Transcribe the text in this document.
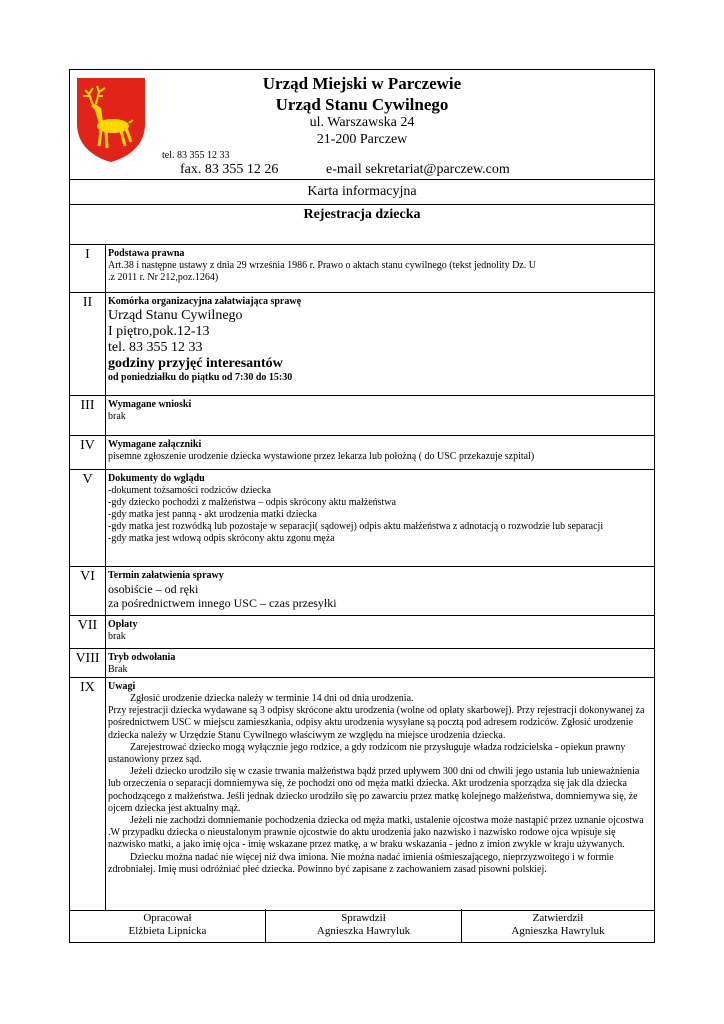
Urząd Miejski w Parczewie
Urząd Stanu Cywilnego
ul. Warszawska 24
21-200 Parczew
tel. 83 355 12 33
fax. 83 355 12 26	e-mail sekretariat@parczew.com
Karta informacyjna
Rejestracja dziecka
I	Podstawa prawna
Art.38 i następne ustawy z dnia 29 września 1986 r. Prawo o aktach stanu cywilnego (tekst jednolity Dz. U
.z 2011 r. Nr 212,poz.1264)
II	Komórka organizacyjna załatwiająca sprawę
Urząd Stanu Cywilnego
I piętro,pok.12-13
tel. 83 355 12 33
godziny przyjęć interesantów
od poniedziałku do piątku od 7:30 do 15:30
III	Wymagane wnioski
brak
IV	Wymagane załączniki
pisemne zgłoszenie urodzenie dziecka wystawione przez lekarza lub położną ( do USC przekazuje szpital)
V	Dokumenty do wglądu
-dokument tożsamości rodziców dziecka
-gdy dziecko pochodzi z małżeństwa – odpis skrócony aktu małżeństwa
-gdy matka jest panną - akt urodzenia matki dziecka
-gdy matka jest rozwódką lub pozostaje w separacji( sądowej) odpis aktu małżeństwa z adnotacją o rozwodzie lub separacji
-gdy matka jest wdową odpis skrócony aktu zgonu męża
VI	Termin załatwienia sprawy
osobiście – od ręki
za pośrednictwem innego USC – czas przesyłki
VII	Opłaty
brak
VIII Tryb odwołania
Brak
IX	Uwagi

Zgłosić urodzenie dziecka należy w terminie 14 dni od dnia urodzenia.

Przy rejestracji dziecka wydawane są 3 odpisy skrócone aktu urodzenia (wolne od opłaty skarbowej). Przy rejestracji dokonywanej za pośrednictwem USC w miejscu zamieszkania, odpisy aktu urodzenia wysyłane są pocztą pod adresem rodziców. Zgłosić urodzenie dziecka należy w Urzędzie Stanu Cywilnego właściwym ze względu na miejsce urodzenia dziecka.

Zarejestrować dziecko mogą wyłącznie jego rodzice, a gdy rodzicom nie przysługuje władza rodzicielska - opiekun prawny ustanowiony przez sąd.

Jeżeli dziecko urodziło się w czasie trwania małżeństwa bądź przed upływem 300 dni od chwili jego ustania lub unieważnienia lub orzeczenia o separacji domniemywa się, że pochodzi ono od męża matki dziecka. Akt urodzenia sporządza się jak dla dziecka pochodzącego z małżeństwa. Jeśli jednak dziecko urodziło się po zawarciu przez matkę kolejnego małżeństwa, domniemywa się, że ojcem dziecka jest aktualny mąż.

Jeżeli nie zachodzi domniemanie pochodzenia dziecka od męża matki, ustalenie ojcostwa może nastąpić przez uznanie ojcostwa .W przypadku dziecka o nieustalonym prawnie ojcostwie do aktu urodzenia jako nazwisko i nazwisko rodowe ojca wpisuje się nazwisko matki, a jako imię ojca - imię wskazane przez matkę, a w braku wskazania - jedno z imion zwykle w kraju używanych.

Dziecku można nadać nie więcej niż dwa imiona. Nie można nadać imienia ośmieszającego, nieprzyzwoitego i w formie zdrobniałej. Imię musi odróżniać płeć dziecka. Powinno być zapisane z zachowaniem zasad pisowni polskiej.

Opracował
Elżbieta Lipnicka
Sprawdził
Agnieszka Hawryluk
Zatwierdził
Agnieszka Hawryluk
